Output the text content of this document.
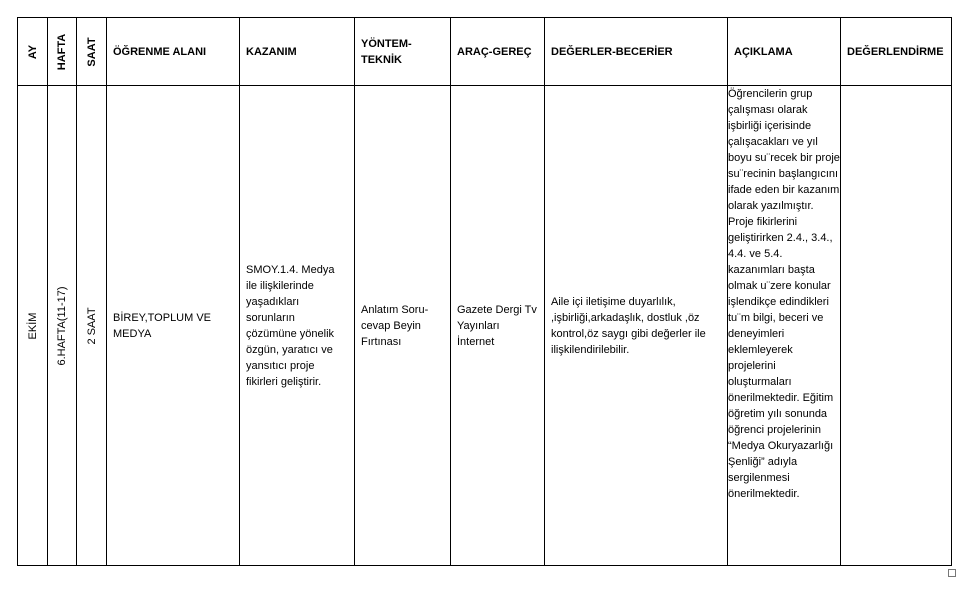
AY	HAFTA	SAAT	ÖĞRENME ALANI	KAZANIM	YÖNTEM-TEKNİK	ARAÇ-GEREÇ	DEĞERLER-BECERİER	AÇIKLAMA	DEĞERLENDİRME

EKİM	6.HAFTA(11-17)	2 SAAT	BİREY,TOPLUM VE MEDYA	SMOY.1.4. Medya ile ilişkilerinde yaşadıkları sorunların çözümüne yönelik özgün, yaratıcı ve yansıtıcı proje fikirleri geliştirir.	Anlatım Soru-cevap Beyin Fırtınası	Gazete Dergi Tv Yayınları İnternet	Aile içi iletişime duyarlılık, ,işbirliği,arkadaşlık, dostluk ,öz kontrol,öz saygı gibi değerler ile ilişkilendirilebilir.	Öğrencilerin grup çalışması olarak işbirliği içerisinde çalışacakları ve yıl boyu su¨recek bir proje su¨recinin başlangıcını ifade eden bir kazanım olarak yazılmıştır. Proje fikirlerini geliştirirken 2.4., 3.4., 4.4. ve 5.4. kazanımları başta olmak u¨zere konular işlendikçe edindikleri tu¨m bilgi, beceri ve deneyimleri eklemleyerek projelerini oluşturmaları önerilmektedir. Eğitim öğretim yılı sonunda öğrenci projelerinin “Medya Okuryazarlığı Şenliği” adıyla sergilenmesi önerilmektedir.	
